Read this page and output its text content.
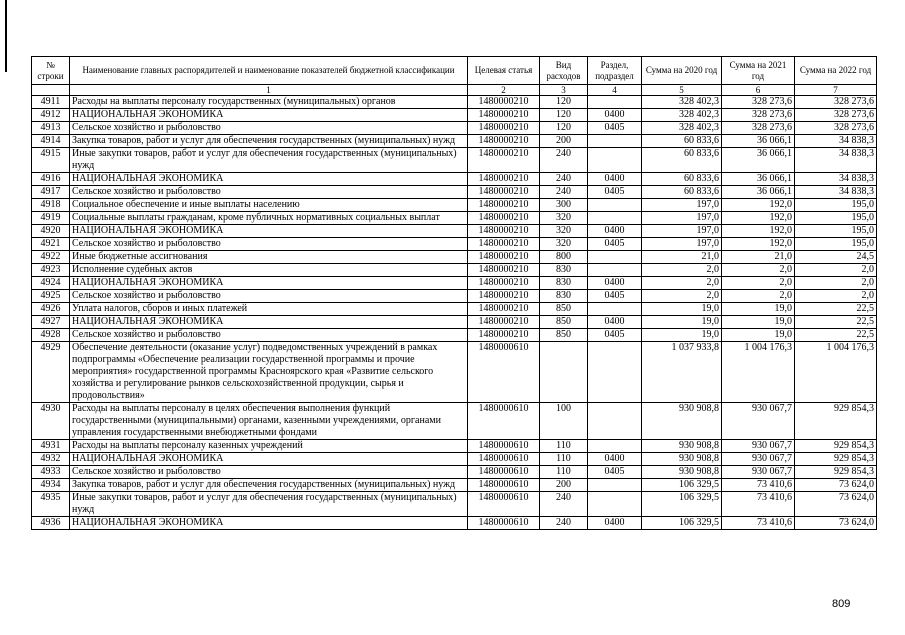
№ строки	Наименование главных распорядителей и наименование показателей бюджетной классификации	Целевая статья	Вид расходов	Раздел, подраздел	Сумма на 2020 год	Сумма на 2021 год	Сумма на 2022 год
	1	2	3	4	5	6	7
4911	Расходы на выплаты персоналу государственных (муниципальных) органов	1480000210	120		328 402,3	328 273,6	328 273,6
4912	НАЦИОНАЛЬНАЯ ЭКОНОМИКА	1480000210	120	0400	328 402,3	328 273,6	328 273,6
4913	Сельское хозяйство и рыболовство	1480000210	120	0405	328 402,3	328 273,6	328 273,6
4914	Закупка товаров, работ и услуг для обеспечения государственных (муниципальных) нужд	1480000210	200		60 833,6	36 066,1	34 838,3
4915	Иные закупки товаров, работ и услуг для обеспечения государственных (муниципальных) нужд	1480000210	240		60 833,6	36 066,1	34 838,3
4916	НАЦИОНАЛЬНАЯ ЭКОНОМИКА	1480000210	240	0400	60 833,6	36 066,1	34 838,3
4917	Сельское хозяйство и рыболовство	1480000210	240	0405	60 833,6	36 066,1	34 838,3
4918	Социальное обеспечение и иные выплаты населению	1480000210	300		197,0	192,0	195,0
4919	Социальные выплаты гражданам, кроме публичных нормативных социальных выплат	1480000210	320		197,0	192,0	195,0
4920	НАЦИОНАЛЬНАЯ ЭКОНОМИКА	1480000210	320	0400	197,0	192,0	195,0
4921	Сельское хозяйство и рыболовство	1480000210	320	0405	197,0	192,0	195,0
4922	Иные бюджетные ассигнования	1480000210	800		21,0	21,0	24,5
4923	Исполнение судебных актов	1480000210	830		2,0	2,0	2,0
4924	НАЦИОНАЛЬНАЯ ЭКОНОМИКА	1480000210	830	0400	2,0	2,0	2,0
4925	Сельское хозяйство и рыболовство	1480000210	830	0405	2,0	2,0	2,0
4926	Уплата налогов, сборов и иных платежей	1480000210	850		19,0	19,0	22,5
4927	НАЦИОНАЛЬНАЯ ЭКОНОМИКА	1480000210	850	0400	19,0	19,0	22,5
4928	Сельское хозяйство и рыболовство	1480000210	850	0405	19,0	19,0	22,5
4929	Обеспечение деятельности (оказание услуг) подведомственных учреждений в рамках подпрограммы «Обеспечение реализации государственной программы и прочие мероприятия» государственной программы Красноярского края «Развитие сельского хозяйства и регулирование рынков сельскохозяйственной продукции, сырья и продовольствия»	1480000610			1 037 933,8	1 004 176,3	1 004 176,3
4930	Расходы на выплаты персоналу в целях обеспечения выполнения функций государственными (муниципальными) органами, казенными учреждениями, органами управления государственными внебюджетными фондами	1480000610	100		930 908,8	930 067,7	929 854,3
4931	Расходы на выплаты персоналу казенных учреждений	1480000610	110		930 908,8	930 067,7	929 854,3
4932	НАЦИОНАЛЬНАЯ ЭКОНОМИКА	1480000610	110	0400	930 908,8	930 067,7	929 854,3
4933	Сельское хозяйство и рыболовство	1480000610	110	0405	930 908,8	930 067,7	929 854,3
4934	Закупка товаров, работ и услуг для обеспечения государственных (муниципальных) нужд	1480000610	200		106 329,5	73 410,6	73 624,0
4935	Иные закупки товаров, работ и услуг для обеспечения государственных (муниципальных) нужд	1480000610	240		106 329,5	73 410,6	73 624,0
4936	НАЦИОНАЛЬНАЯ ЭКОНОМИКА	1480000610	240	0400	106 329,5	73 410,6	73 624,0
809
